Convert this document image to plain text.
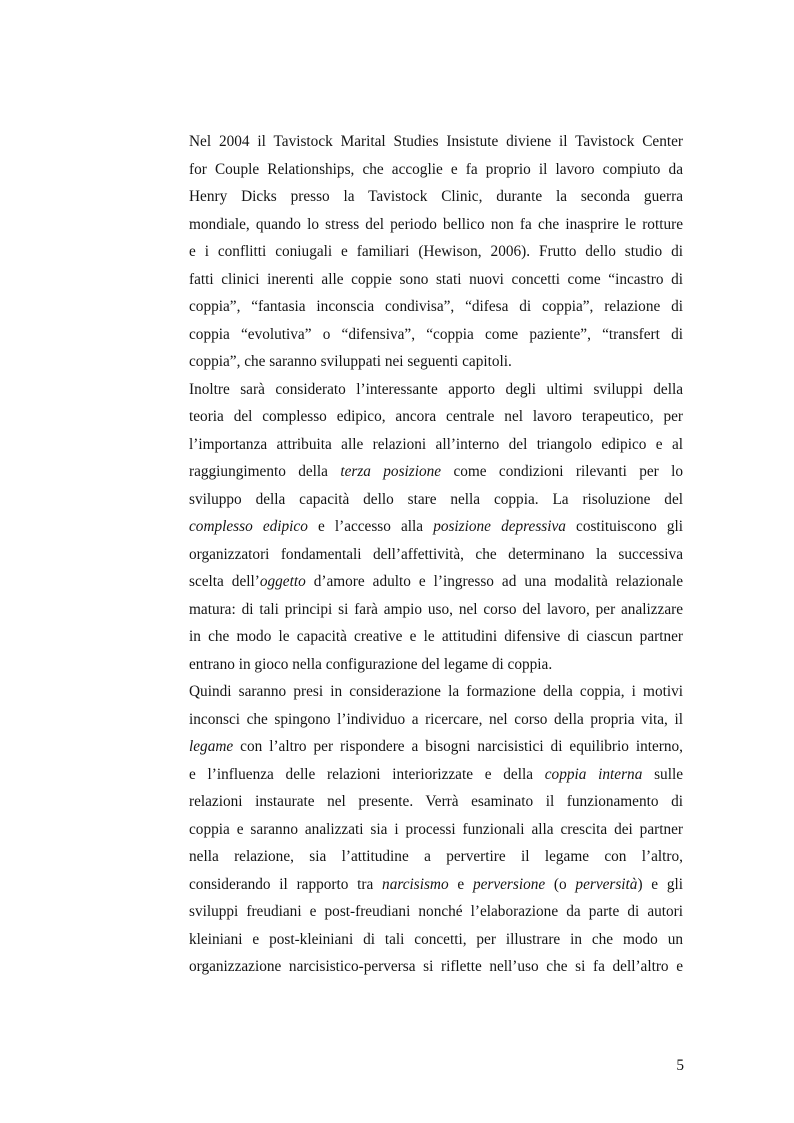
Nel 2004 il Tavistock Marital Studies Insistute diviene il Tavistock Center
for Couple Relationships, che accoglie e fa proprio il lavoro compiuto da
Henry Dicks presso la Tavistock Clinic, durante la seconda guerra
mondiale, quando lo stress del periodo bellico non fa che inasprire le rotture
e i conflitti coniugali e familiari (Hewison, 2006). Frutto dello studio di
fatti clinici inerenti alle coppie sono stati nuovi concetti come “incastro di
coppia”, “fantasia inconscia condivisa”, “difesa di coppia”, relazione di
coppia “evolutiva” o “difensiva”, “coppia come paziente”, “transfert di
coppia”, che saranno sviluppati nei seguenti capitoli.
Inoltre sarà considerato l’interessante apporto degli ultimi sviluppi della
teoria del complesso edipico, ancora centrale nel lavoro terapeutico, per
l’importanza attribuita alle relazioni all’interno del triangolo edipico e al
raggiungimento della terza posizione come condizioni rilevanti per lo
sviluppo della capacità dello stare nella coppia. La risoluzione del
complesso edipico e l’accesso alla posizione depressiva costituiscono gli
organizzatori fondamentali dell’affettività, che determinano la successiva
scelta dell’oggetto d’amore adulto e l’ingresso ad una modalità relazionale
matura: di tali principi si farà ampio uso, nel corso del lavoro, per analizzare
in che modo le capacità creative e le attitudini difensive di ciascun partner
entrano in gioco nella configurazione del legame di coppia.
Quindi saranno presi in considerazione la formazione della coppia, i motivi
inconsci che spingono l’individuo a ricercare, nel corso della propria vita, il
legame con l’altro per rispondere a bisogni narcisistici di equilibrio interno,
e l’influenza delle relazioni interiorizzate e della coppia interna sulle
relazioni instaurate nel presente. Verrà esaminato il funzionamento di
coppia e saranno analizzati sia i processi funzionali alla crescita dei partner
nella relazione, sia l’attitudine a pervertire il legame con l’altro,
considerando il rapporto tra narcisismo e perversione (o perversità) e gli
sviluppi freudiani e post-freudiani nonché l’elaborazione da parte di autori
kleiniani e post-kleiniani di tali concetti, per illustrare in che modo un
organizzazione narcisistico-perversa si riflette nell’uso che si fa dell’altro e
5
